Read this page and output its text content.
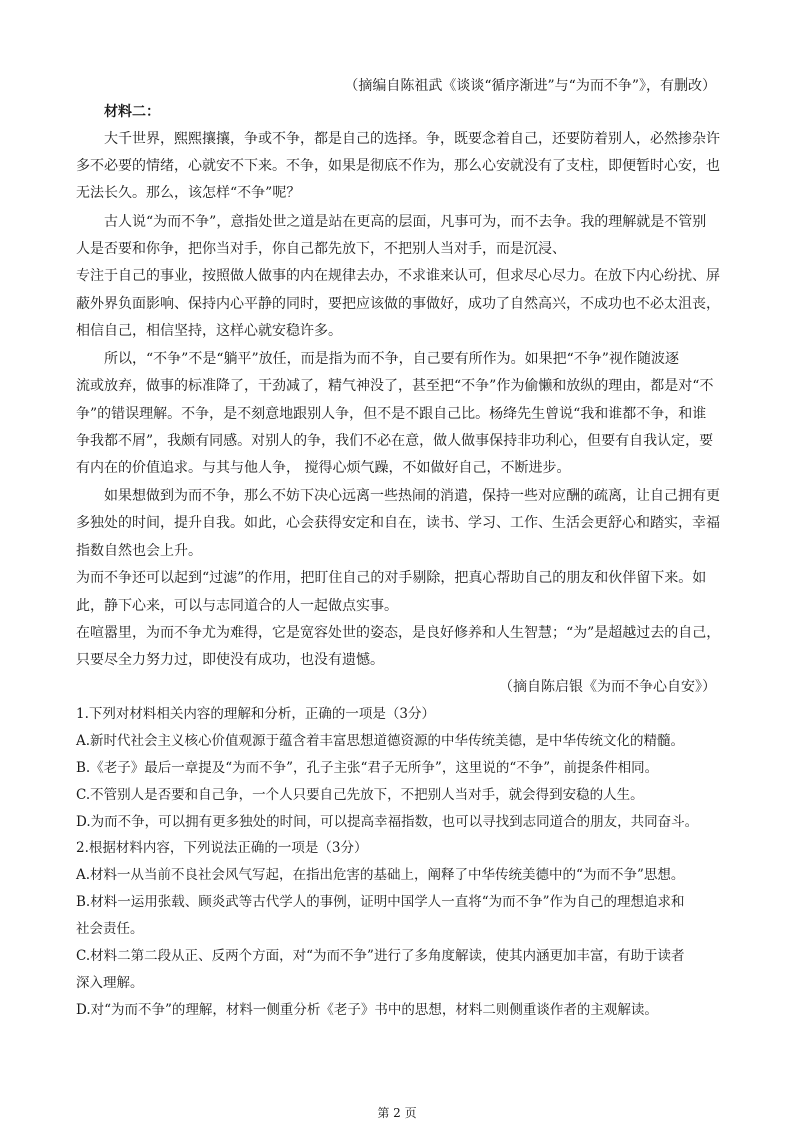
（摘编自陈祖武《谈谈“循序渐进”与“为而不争”》，有删改）
材料二：
大千世界，熙熙攘攘，争或不争，都是自己的选择。争，既要念着自己，还要防着别人，必然掺杂许
多不必要的情绪，心就安不下来。不争，如果是彻底不作为，那么心安就没有了支柱，即便暂时心安，也
无法长久。那么，该怎样“不争”呢？
古人说“为而不争”，意指处世之道是站在更高的层面，凡事可为，而不去争。我的理解就是不管别
人是否要和你争，把你当对手，你自己都先放下，不把别人当对手，而是沉浸、
专注于自己的事业，按照做人做事的内在规律去办，不求谁来认可，但求尽心尽力。在放下内心纷扰、屏
蔽外界负面影响、保持内心平静的同时，要把应该做的事做好，成功了自然高兴，不成功也不必太沮丧，
相信自己，相信坚持，这样心就安稳许多。
所以，“不争”不是“躺平”放任，而是指为而不争，自己要有所作为。如果把“不争”视作随波逐
流或放弃，做事的标准降了，干劲减了，精气神没了，甚至把“不争”作为偷懒和放纵的理由，都是对“不
争”的错误理解。不争，是不刻意地跟别人争，但不是不跟自己比。杨绛先生曾说“我和谁都不争，和谁
争我都不屑”，我颇有同感。对别人的争，我们不必在意，做人做事保持非功利心，但要有自我认定，要
有内在的价值追求。与其与他人争， 搅得心烦气躁，不如做好自己，不断进步。
如果想做到为而不争，那么不妨下决心远离一些热闹的消遣，保持一些对应酬的疏离，让自己拥有更
多独处的时间，提升自我。如此，心会获得安定和自在，读书、学习、工作、生活会更舒心和踏实，幸福
指数自然也会上升。
为而不争还可以起到“过滤”的作用，把盯住自己的对手剔除，把真心帮助自己的朋友和伙伴留下来。如
此，静下心来，可以与志同道合的人一起做点实事。
在喧嚣里，为而不争尤为难得，它是宽容处世的姿态，是良好修养和人生智慧；“为”是超越过去的自己，
只要尽全力努力过，即使没有成功，也没有遗憾。
（摘自陈启银《为而不争心自安》）
1.下列对材料相关内容的理解和分析，正确的一项是（3分）
A.新时代社会主义核心价值观源于蕴含着丰富思想道德资源的中华传统美德，是中华传统文化的精髓。
B.《老子》最后一章提及“为而不争”，孔子主张“君子无所争”，这里说的“不争”，前提条件相同。
C.不管别人是否要和自己争，一个人只要自己先放下，不把别人当对手，就会得到安稳的人生。
D.为而不争，可以拥有更多独处的时间，可以提高幸福指数，也可以寻找到志同道合的朋友，共同奋斗。
2.根据材料内容，下列说法正确的一项是（3分）
A.材料一从当前不良社会风气写起，在指出危害的基础上，阐释了中华传统美德中的“为而不争”思想。
B.材料一运用张载、顾炎武等古代学人的事例，证明中国学人一直将“为而不争”作为自己的理想追求和
社会责任。
C.材料二第二段从正、反两个方面，对“为而不争”进行了多角度解读，使其内涵更加丰富，有助于读者
深入理解。
D.对“为而不争”的理解，材料一侧重分析《老子》书中的思想，材料二则侧重谈作者的主观解读。
第 2 页
